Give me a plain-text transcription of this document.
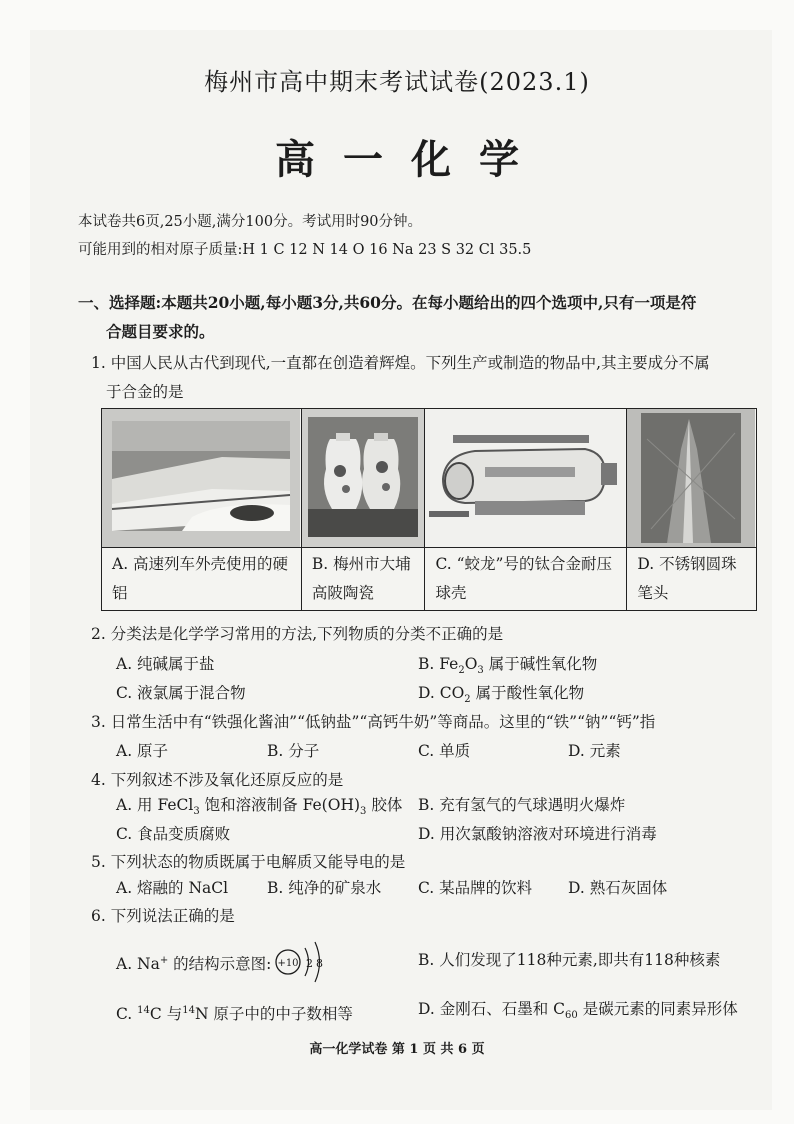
梅州市高中期末考试试卷(2023.1)
高一化学
本试卷共6页,25小题,满分100分。考试用时90分钟。
可能用到的相对原子质量:H 1 C 12 N 14 O 16 Na 23 S 32 Cl 35.5
一、选择题:本题共20小题,每小题3分,共60分。在每小题给出的四个选项中,只有一项是符
合题目要求的。
1. 中国人民从古代到现代,一直都在创造着辉煌。下列生产或制造的物品中,其主要成分不属
于合金的是

A. 高速列车外壳使用的硬铝	B. 梅州市大埔高陂陶瓷	C. “蛟龙”号的钛合金耐压球壳	D. 不锈钢圆珠笔头
2. 分类法是化学学习常用的方法,下列物质的分类不正确的是
A. 纯碱属于盐	B. $Fe_2O_3$ 属于碱性氧化物
C. 液氯属于混合物	D. $CO_2$ 属于酸性氧化物
3. 日常生活中有“铁强化酱油”“低钠盐”“高钙牛奶”等商品。这里的“铁”“钠”“钙”指
A. 原子	B. 分子	C. 单质	D. 元素
4. 下列叙述不涉及氧化还原反应的是
A. 用 FeCl$_3$ 饱和溶液制备 $Fe(OH)_3$ 胶体 B. 充有氢气的气球遇明火爆炸
C. 食品变质腐败	D. 用次氯酸钠溶液对环境进行消毒
5. 下列状态的物质既属于电解质又能导电的是
A. 熔融的 NaCl	B. 纯净的矿泉水 C. 某品牌的饮料 D. 熟石灰固体
6. 下列说法正确的是
A. Na+ 的结构示意图: +10 2 8	B. 人们发现了118种元素,即共有118种核素
C. $^{14}$C 与$^{14}$N 原子中的中子数相等	D. 金刚石、石墨和 $C_{60}$ 是碳元素的同素异形体
高一化学试卷 第 1 页 共 6 页
